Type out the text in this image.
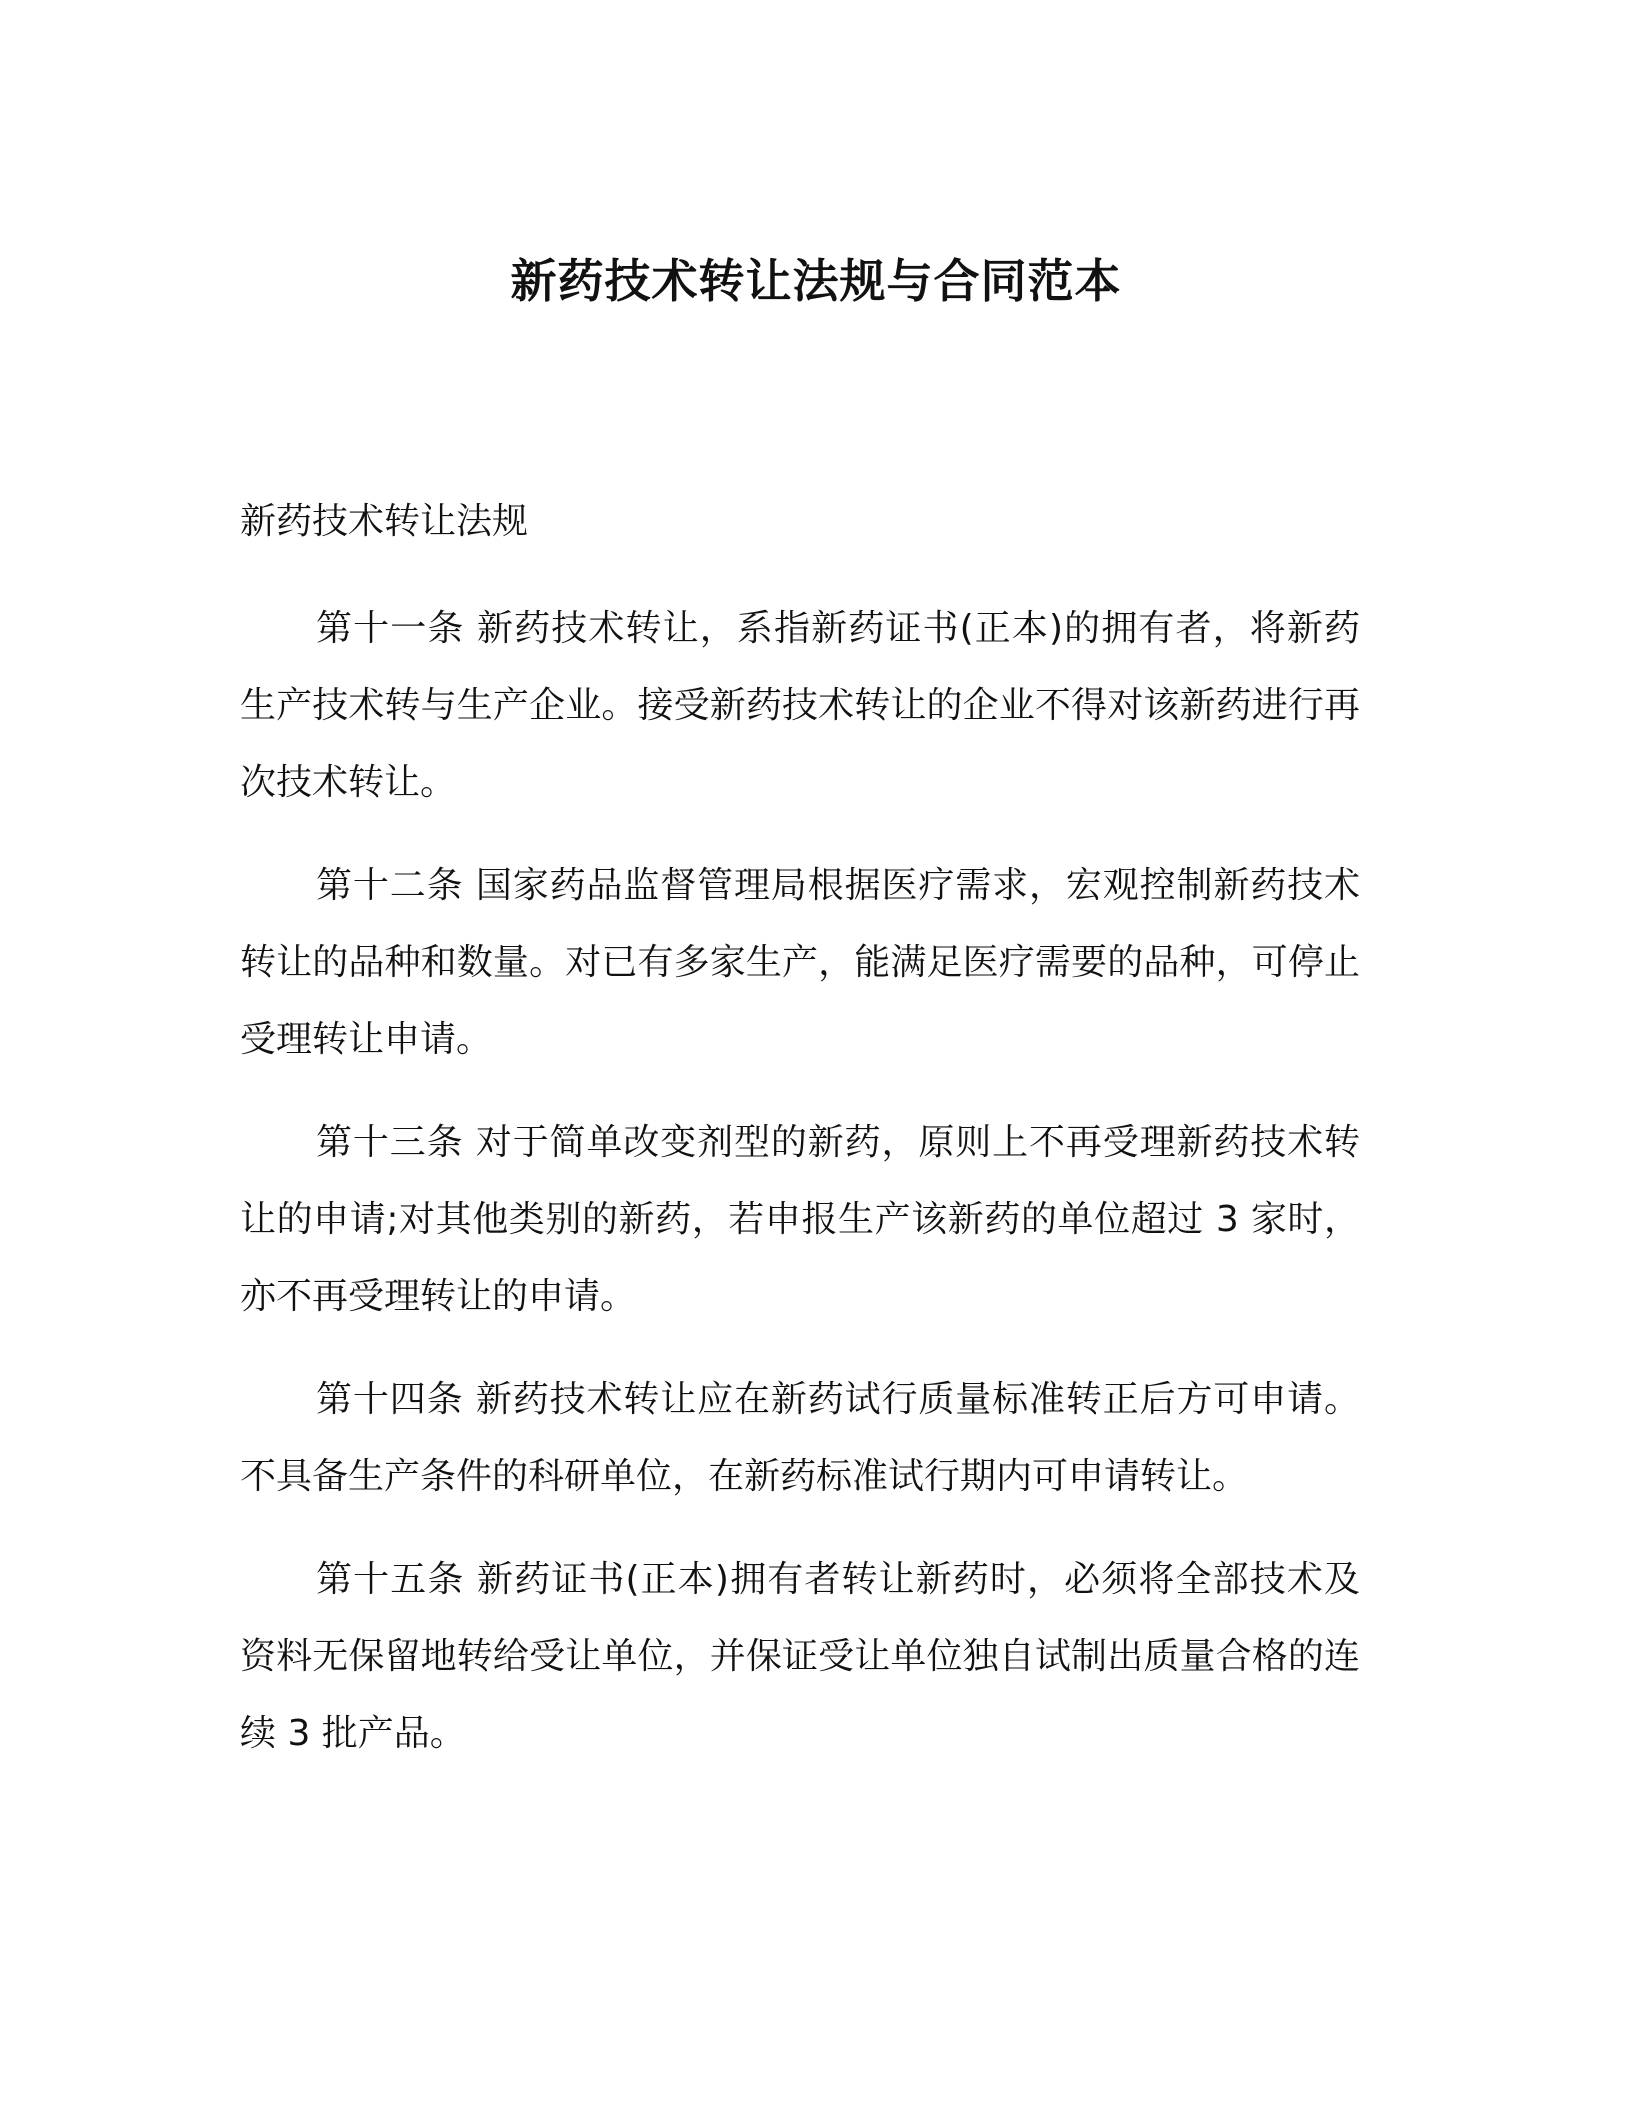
新药技术转让法规与合同范本
新药技术转让法规

第十一条 新药技术转让，系指新药证书(正本)的拥有者，将新药生产技术转与生产企业。接受新药技术转让的企业不得对该新药进行再次技术转让。

第十二条 国家药品监督管理局根据医疗需求，宏观控制新药技术转让的品种和数量。对已有多家生产，能满足医疗需要的品种，可停止受理转让申请。

第十三条 对于简单改变剂型的新药，原则上不再受理新药技术转让的申请;对其他类别的新药，若申报生产该新药的单位超过 3 家时，亦不再受理转让的申请。

第十四条 新药技术转让应在新药试行质量标准转正后方可申请。不具备生产条件的科研单位，在新药标准试行期内可申请转让。

第十五条 新药证书(正本)拥有者转让新药时，必须将全部技术及资料无保留地转给受让单位，并保证受让单位独自试制出质量合格的连续 3 批产品。
